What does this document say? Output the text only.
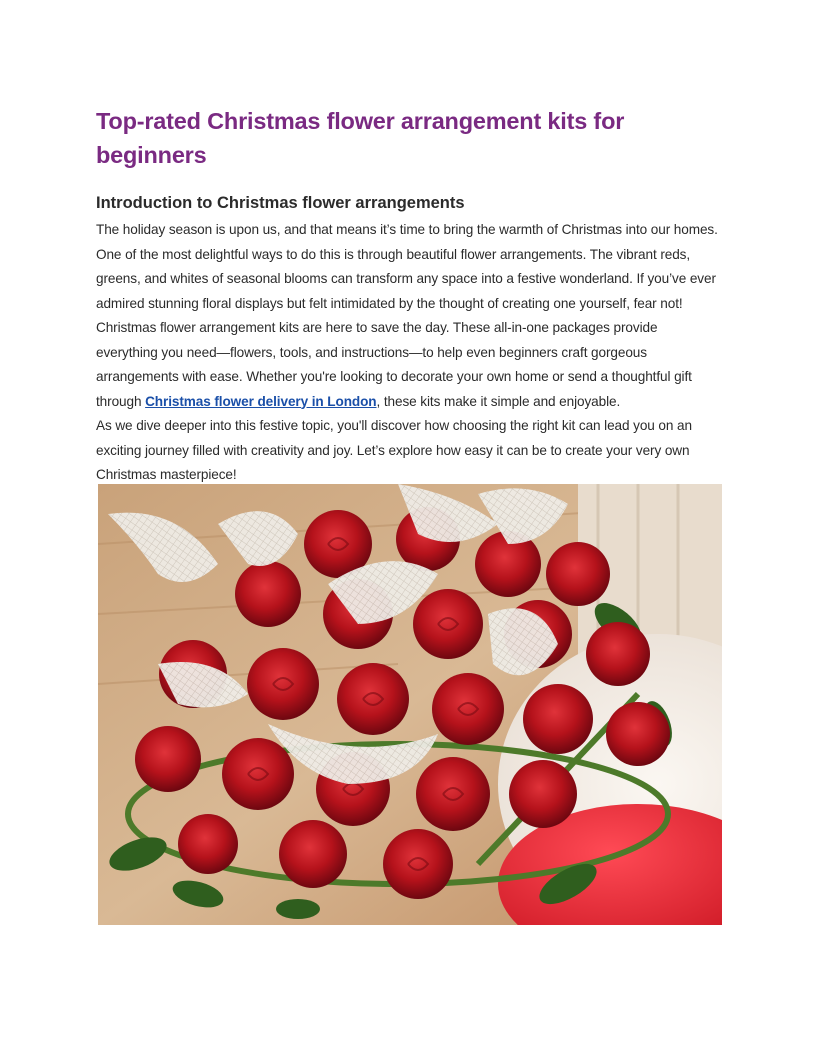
Top-rated Christmas flower arrangement kits for beginners
Introduction to Christmas flower arrangements

The holiday season is upon us, and that means it’s time to bring the warmth of Christmas into our homes. One of the most delightful ways to do this is through beautiful flower arrangements. The vibrant reds, greens, and whites of seasonal blooms can transform any space into a festive wonderland. If you’ve ever admired stunning floral displays but felt intimidated by the thought of creating one yourself, fear not!

Christmas flower arrangement kits are here to save the day. These all-in-one packages provide everything you need—flowers, tools, and instructions—to help even beginners craft gorgeous arrangements with ease. Whether you're looking to decorate your own home or send a thoughtful gift through Christmas flower delivery in London, these kits make it simple and enjoyable.

As we dive deeper into this festive topic, you'll discover how choosing the right kit can lead you on an exciting journey filled with creativity and joy. Let’s explore how easy it can be to create your very own Christmas masterpiece!
